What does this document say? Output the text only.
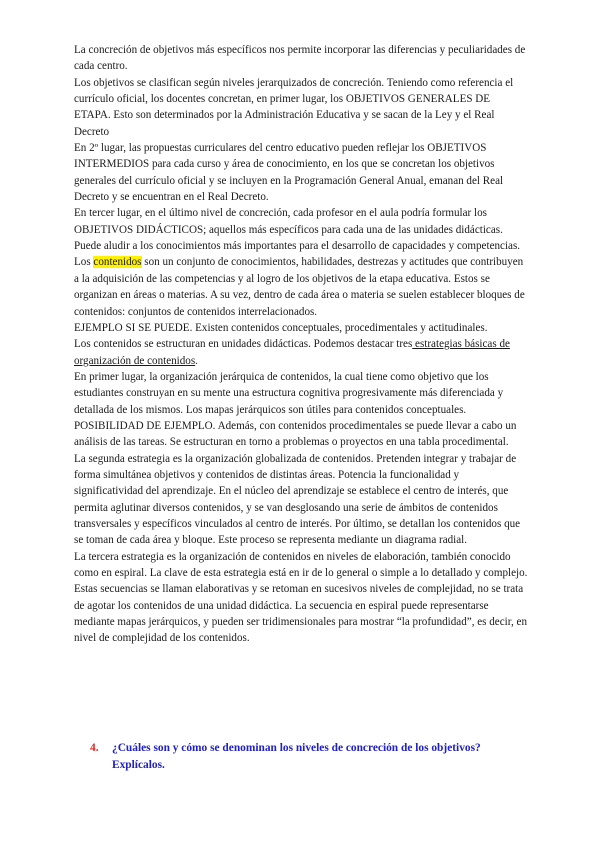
La concreción de objetivos más específicos nos permite incorporar las diferencias y peculiaridades de cada centro.

Los objetivos se clasifican según niveles jerarquizados de concreción. Teniendo como referencia el currículo oficial, los docentes concretan, en primer lugar, los OBJETIVOS GENERALES DE ETAPA. Esto son determinados por la Administración Educativa y se sacan de la Ley y el Real Decreto

En 2º lugar, las propuestas curriculares del centro educativo pueden reflejar los OBJETIVOS INTERMEDIOS para cada curso y área de conocimiento, en los que se concretan los objetivos generales del currículo oficial y se incluyen en la Programación General Anual, emanan del Real Decreto y se encuentran en el Real Decreto.

En tercer lugar, en el último nivel de concreción, cada profesor en el aula podría formular los OBJETIVOS DIDÁCTICOS; aquellos más específicos para cada una de las unidades didácticas. Puede aludir a los conocimientos más importantes para el desarrollo de capacidades y competencias.

Los contenidos son un conjunto de conocimientos, habilidades, destrezas y actitudes que contribuyen a la adquisición de las competencias y al logro de los objetivos de la etapa educativa. Estos se organizan en áreas o materias. A su vez, dentro de cada área o materia se suelen establecer bloques de contenidos: conjuntos de contenidos interrelacionados.

EJEMPLO SI SE PUEDE. Existen contenidos conceptuales, procedimentales y actitudinales.

Los contenidos se estructuran en unidades didácticas. Podemos destacar tres estrategias básicas de organización de contenidos.

En primer lugar, la organización jerárquica de contenidos, la cual tiene como objetivo que los estudiantes construyan en su mente una estructura cognitiva progresivamente más diferenciada y detallada de los mismos. Los mapas jerárquicos son útiles para contenidos conceptuales. POSIBILIDAD DE EJEMPLO. Además, con contenidos procedimentales se puede llevar a cabo un análisis de las tareas. Se estructuran en torno a problemas o proyectos en una tabla procedimental.

La segunda estrategia es la organización globalizada de contenidos. Pretenden integrar y trabajar de forma simultánea objetivos y contenidos de distintas áreas. Potencia la funcionalidad y significatividad del aprendizaje. En el núcleo del aprendizaje se establece el centro de interés, que permita aglutinar diversos contenidos, y se van desglosando una serie de ámbitos de contenidos transversales y específicos vinculados al centro de interés. Por último, se detallan los contenidos que se toman de cada área y bloque. Este proceso se representa mediante un diagrama radial.

La tercera estrategia es la organización de contenidos en niveles de elaboración, también conocido como en espiral. La clave de esta estrategia está en ir de lo general o simple a lo detallado y complejo. Estas secuencias se llaman elaborativas y se retoman en sucesivos niveles de complejidad, no se trata de agotar los contenidos de una unidad didáctica. La secuencia en espiral puede representarse mediante mapas jerárquicos, y pueden ser tridimensionales para mostrar “la profundidad”, es decir, en nivel de complejidad de los contenidos.

4.	¿Cuáles son y cómo se denominan los niveles de concreción de los objetivos? Explícalos.
